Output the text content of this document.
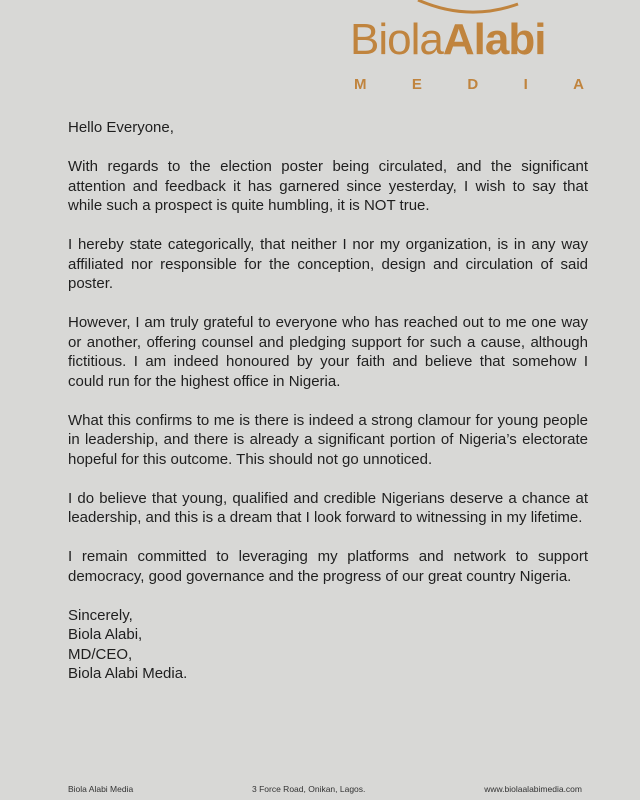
BiolaAlabi
M	E	D	I	A

Hello Everyone,

With regards to the election poster being circulated, and the significant attention and feedback it has garnered since yesterday, I wish to say that while such a prospect is quite humbling, it is NOT true.

I hereby state categorically, that neither I nor my organization, is in any way affiliated nor responsible for the conception, design and circulation of said poster.

However, I am truly grateful to everyone who has reached out to me one way or another, offering counsel and pledging support for such a cause, although fictitious. I am indeed honoured by your faith and believe that somehow I could run for the highest office in Nigeria.

What this confirms to me is there is indeed a strong clamour for young people in leadership, and there is already a significant portion of Nigeria’s electorate hopeful for this outcome. This should not go unnoticed.

I do believe that young, qualified and credible Nigerians deserve a chance at leadership, and this is a dream that I look forward to witnessing in my lifetime.

I remain committed to leveraging my platforms and network to support democracy, good governance and the progress of our great country Nigeria.

Sincerely,
Biola Alabi,
MD/CEO,
Biola Alabi Media.
Biola Alabi Media	3 Force Road, Onikan, Lagos.	www.biolaalabimedia.com
